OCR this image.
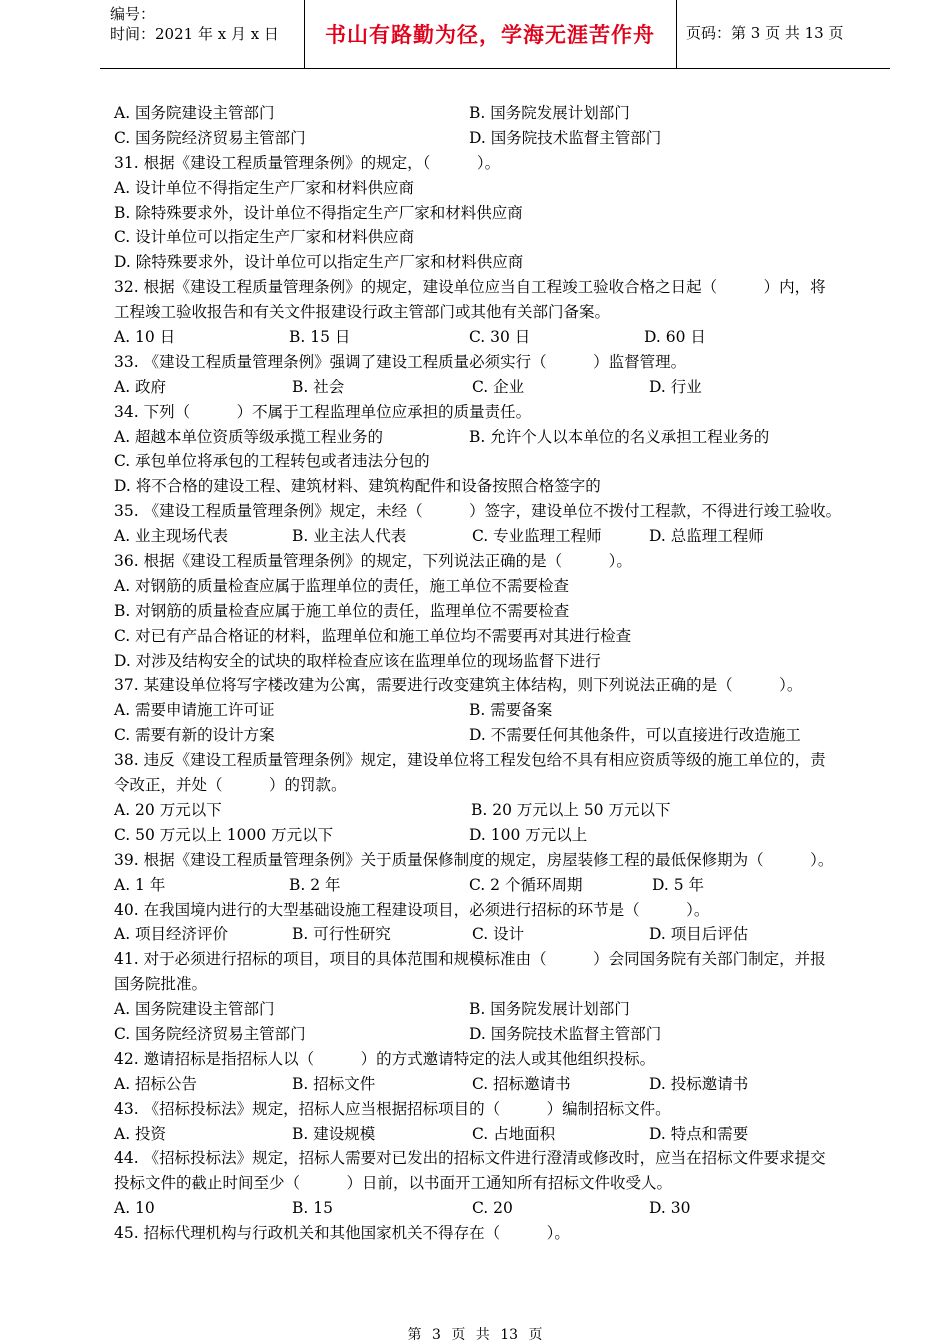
编号：
时间：2021 年 x 月 x 日	书山有路勤为径，学海无涯苦作舟	页码：第 3 页 共 13 页
A. 国务院建设主管部门	B. 国务院发展计划部门
C. 国务院经济贸易主管部门	D. 国务院技术监督主管部门
31. 根据《建设工程质量管理条例》的规定，（　　　）。
A. 设计单位不得指定生产厂家和材料供应商
B. 除特殊要求外，设计单位不得指定生产厂家和材料供应商
C. 设计单位可以指定生产厂家和材料供应商
D. 除特殊要求外，设计单位可以指定生产厂家和材料供应商
32. 根据《建设工程质量管理条例》的规定，建设单位应当自工程竣工验收合格之日起（　　　）内，将
工程竣工验收报告和有关文件报建设行政主管部门或其他有关部门备案。
A. 10 日	B. 15 日	C. 30 日	D. 60 日
33. 《建设工程质量管理条例》强调了建设工程质量必须实行（　　　）监督管理。
A. 政府	B. 社会	C. 企业	D. 行业
34. 下列（　　　）不属于工程监理单位应承担的质量责任。
A. 超越本单位资质等级承揽工程业务的	B. 允许个人以本单位的名义承担工程业务的
C. 承包单位将承包的工程转包或者违法分包的
D. 将不合格的建设工程、建筑材料、建筑构配件和设备按照合格签字的
35. 《建设工程质量管理条例》规定，未经（　　　）签字，建设单位不拨付工程款，不得进行竣工验收。
A. 业主现场代表	B. 业主法人代表	C. 专业监理工程师	D. 总监理工程师
36. 根据《建设工程质量管理条例》的规定，下列说法正确的是（　　　）。
A. 对钢筋的质量检查应属于监理单位的责任，施工单位不需要检查
B. 对钢筋的质量检查应属于施工单位的责任，监理单位不需要检查
C. 对已有产品合格证的材料，监理单位和施工单位均不需要再对其进行检查
D. 对涉及结构安全的试块的取样检查应该在监理单位的现场监督下进行
37. 某建设单位将写字楼改建为公寓，需要进行改变建筑主体结构，则下列说法正确的是（　　　）。
A. 需要申请施工许可证	B. 需要备案
C. 需要有新的设计方案	D. 不需要任何其他条件，可以直接进行改造施工
38. 违反《建设工程质量管理条例》规定，建设单位将工程发包给不具有相应资质等级的施工单位的，责
令改正，并处（　　　）的罚款。
A. 20 万元以下	B. 20 万元以上 50 万元以下
C. 50 万元以上 1000 万元以下	D. 100 万元以上
39. 根据《建设工程质量管理条例》关于质量保修制度的规定，房屋装修工程的最低保修期为（　　　）。
A. 1 年	B. 2 年	C. 2 个循环周期	D. 5 年
40. 在我国境内进行的大型基础设施工程建设项目，必须进行招标的环节是（　　　）。
A. 项目经济评价	B. 可行性研究	C. 设计	D. 项目后评估
41. 对于必须进行招标的项目，项目的具体范围和规模标准由（　　　）会同国务院有关部门制定，并报
国务院批准。
A. 国务院建设主管部门	B. 国务院发展计划部门
C. 国务院经济贸易主管部门	D. 国务院技术监督主管部门
42. 邀请招标是指招标人以（　　　）的方式邀请特定的法人或其他组织投标。
A. 招标公告	B. 招标文件	C. 招标邀请书	D. 投标邀请书
43. 《招标投标法》规定，招标人应当根据招标项目的（　　　）编制招标文件。
A. 投资	B. 建设规模	C. 占地面积	D. 特点和需要
44. 《招标投标法》规定，招标人需要对已发出的招标文件进行澄清或修改时，应当在招标文件要求提交
投标文件的截止时间至少（　　　）日前，以书面开工通知所有招标文件收受人。
A. 10	B. 15	C. 20	D. 30
45. 招标代理机构与行政机关和其他国家机关不得存在（　　　）。
第 3 页 共 13 页
